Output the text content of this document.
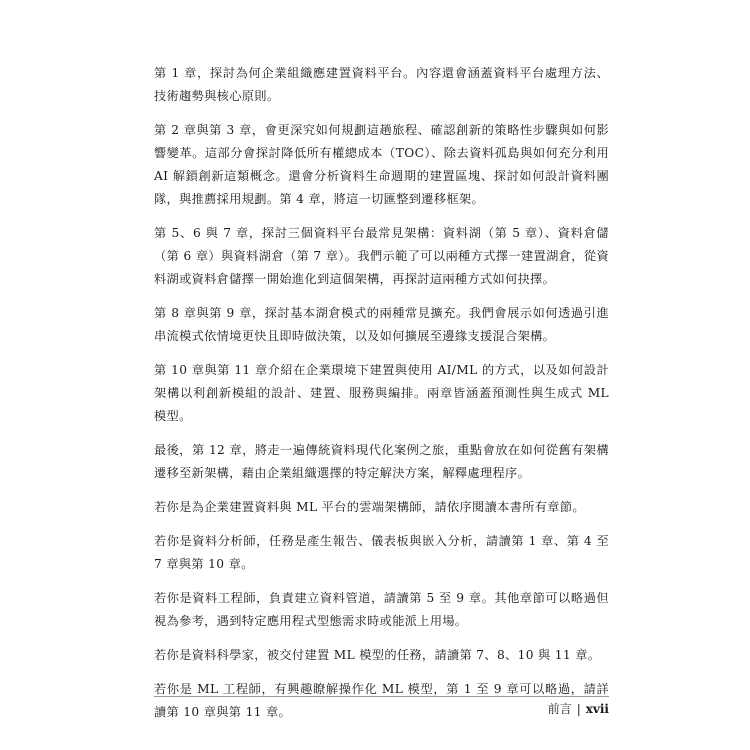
第 1 章，探討為何企業組織應建置資料平台。內容還會涵蓋資料平台處理方法、技術趨勢與核心原則。

第 2 章與第 3 章，會更深究如何規劃這趟旅程、確認創新的策略性步驟與如何影響變革。這部分會探討降低所有權總成本（TOC）、除去資料孤島與如何充分利用 AI 解鎖創新這類概念。還會分析資料生命週期的建置區塊、探討如何設計資料團隊，與推薦採用規劃。第 4 章，將這一切匯整到遷移框架。

第 5、6 與 7 章，探討三個資料平台最常見架構：資料湖（第 5 章）、資料倉儲（第 6 章）與資料湖倉（第 7 章）。我們示範了可以兩種方式擇一建置湖倉，從資料湖或資料倉儲擇一開始進化到這個架構，再探討這兩種方式如何抉擇。

第 8 章與第 9 章，探討基本湖倉模式的兩種常見擴充。我們會展示如何透過引進串流模式依情境更快且即時做決策，以及如何擴展至邊緣支援混合架構。

第 10 章與第 11 章介紹在企業環境下建置與使用 AI/ML 的方式，以及如何設計架構以利創新模組的設計、建置、服務與編排。兩章皆涵蓋預測性與生成式 ML 模型。

最後，第 12 章，將走一遍傳統資料現代化案例之旅，重點會放在如何從舊有架構遷移至新架構，藉由企業組織選擇的特定解決方案，解釋處理程序。

若你是為企業建置資料與 ML 平台的雲端架構師，請依序閱讀本書所有章節。

若你是資料分析師，任務是產生報告、儀表板與嵌入分析，請讀第 1 章、第 4 至 7 章與第 10 章。

若你是資料工程師，負責建立資料管道，請讀第 5 至 9 章。其他章節可以略過但視為參考，遇到特定應用程式型態需求時或能派上用場。

若你是資料科學家，被交付建置 ML 模型的任務，請讀第 7、8、10 與 11 章。

若你是 ML 工程師，有興趣瞭解操作化 ML 模型，第 1 至 9 章可以略過，請詳讀第 10 章與第 11 章。	前言 | xvii
